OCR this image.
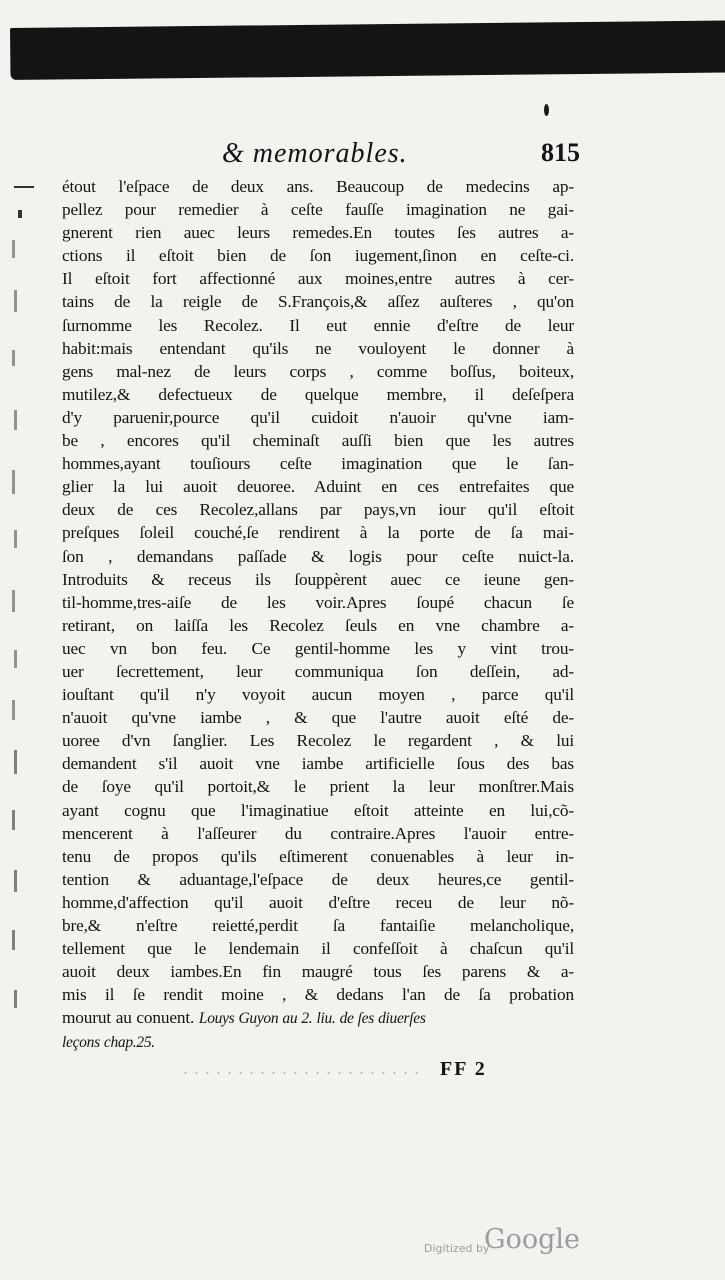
& memorables.	815
étout l'eſpace de deux ans. Beaucoup de medecins ap-
pellez pour remedier à ceſte fauſſe imagination ne gai-
gnerent rien auec leurs remedes.En toutes ſes autres a-
ctions il eſtoit bien de ſon iugement,ſinon en ceſte-ci.
Il eſtoit fort affectionné aux moines,entre autres à cer-
tains de la reigle de S.François,& aſſez auſteres , qu'on
ſurnomme les Recolez. Il eut ennie d'eſtre de leur
habit:mais entendant qu'ils ne vouloyent le donner à
gens mal-nez de leurs corps , comme boſſus, boiteux,
mutilez,& defectueux de quelque membre, il deſeſpera
d'y paruenir,pource qu'il cuidoit n'auoir qu'vne iam-
be , encores qu'il cheminaſt auſſi bien que les autres
hommes,ayant touſiours ceſte imagination que le ſan-
glier la lui auoit deuoree. Aduint en ces entrefaites que
deux de ces Recolez,allans par pays,vn iour qu'il eſtoit
preſques ſoleil couché,ſe rendirent à la porte de ſa mai-
ſon , demandans paſſade & logis pour ceſte nuict-la.
Introduits & receus ils ſouppèrent auec ce ieune gen-
til-homme,tres-aiſe de les voir.Apres ſoupé chacun ſe
retirant, on laiſſa les Recolez ſeuls en vne chambre a-
uec vn bon feu. Ce gentil-homme les y vint trou-
uer ſecrettement, leur communiqua ſon deſſein, ad-
iouſtant qu'il n'y voyoit aucun moyen , parce qu'il
n'auoit qu'vne iambe , & que l'autre auoit eſté de-
uoree d'vn ſanglier. Les Recolez le regardent , & lui
demandent s'il auoit vne iambe artificielle ſous des bas
de ſoye qu'il portoit,& le prient la leur monſtrer.Mais
ayant cognu que l'imaginatiue eſtoit atteinte en lui,cõ-
mencerent à l'aſſeurer du contraire.Apres l'auoir entre-
tenu de propos qu'ils eſtimerent conuenables à leur in-
tention & aduantage,l'eſpace de deux heures,ce gentil-
homme,d'affection qu'il auoit d'eſtre receu de leur nõ-
bre,& n'eſtre reietté,perdit ſa fantaiſie melancholique,
tellement que le lendemain il confeſſoit à chaſcun qu'il
auoit deux iambes.En fin maugré tous ſes parens & a-
mis il ſe rendit moine , & dedans l'an de ſa probation
mourut au conuent. Louys Guyon au 2. liu. de ſes diuerſes
leçons chap.25.
FF 2
Digitized by
Google
